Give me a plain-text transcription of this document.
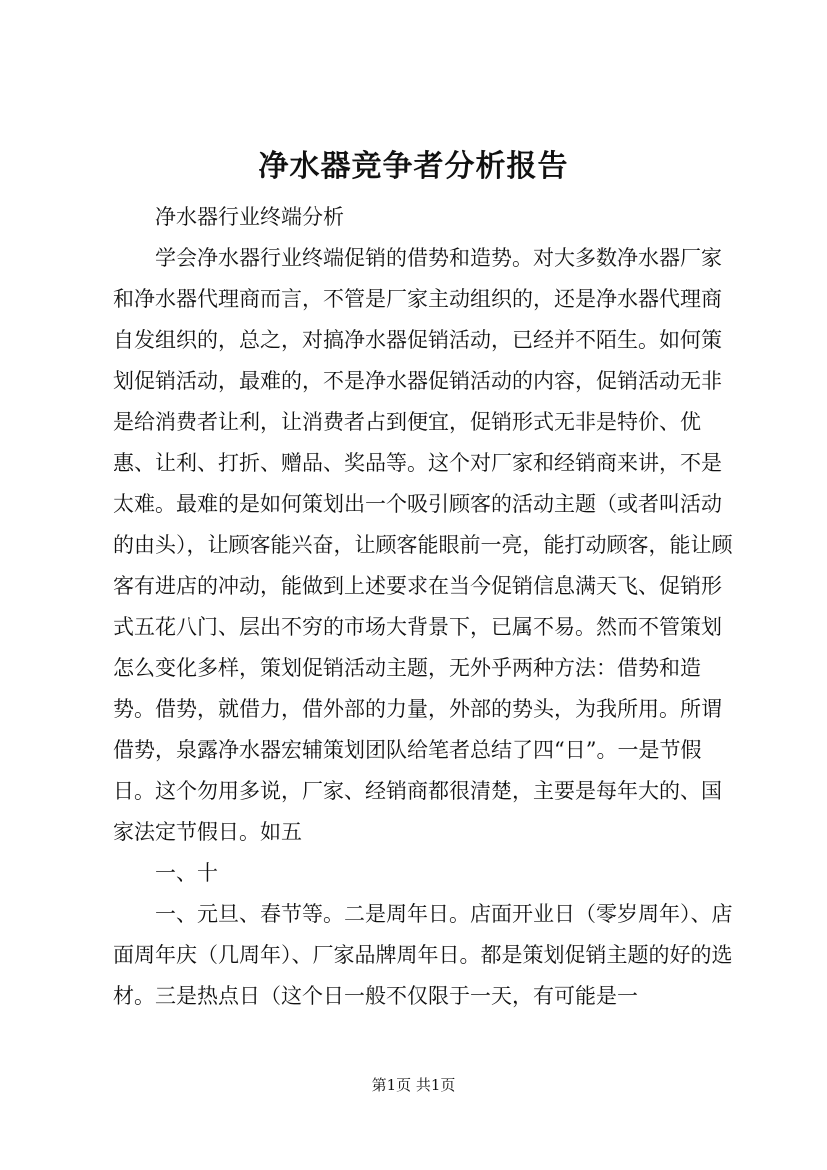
净水器竞争者分析报告

净水器行业终端分析

学会净水器行业终端促销的借势和造势。对大多数净水器厂家和净水器代理商而言，不管是厂家主动组织的，还是净水器代理商自发组织的，总之，对搞净水器促销活动，已经并不陌生。如何策划促销活动，最难的，不是净水器促销活动的内容，促销活动无非是给消费者让利，让消费者占到便宜，促销形式无非是特价、优惠、让利、打折、赠品、奖品等。这个对厂家和经销商来讲，不是太难。最难的是如何策划出一个吸引顾客的活动主题（或者叫活动的由头），让顾客能兴奋，让顾客能眼前一亮，能打动顾客，能让顾客有进店的冲动，能做到上述要求在当今促销信息满天飞、促销形式五花八门、层出不穷的市场大背景下，已属不易。然而不管策划怎么变化多样，策划促销活动主题，无外乎两种方法：借势和造势。借势，就借力，借外部的力量，外部的势头，为我所用。所谓借势，泉露净水器宏辅策划团队给笔者总结了四“日”。一是节假日。这个勿用多说，厂家、经销商都很清楚，主要是每年大的、国家法定节假日。如五

一、十

一、元旦、春节等。二是周年日。店面开业日（零岁周年）、店面周年庆（几周年）、厂家品牌周年日。都是策划促销主题的好的选材。三是热点日（这个日一般不仅限于一天，有可能是一

第1页 共1页
